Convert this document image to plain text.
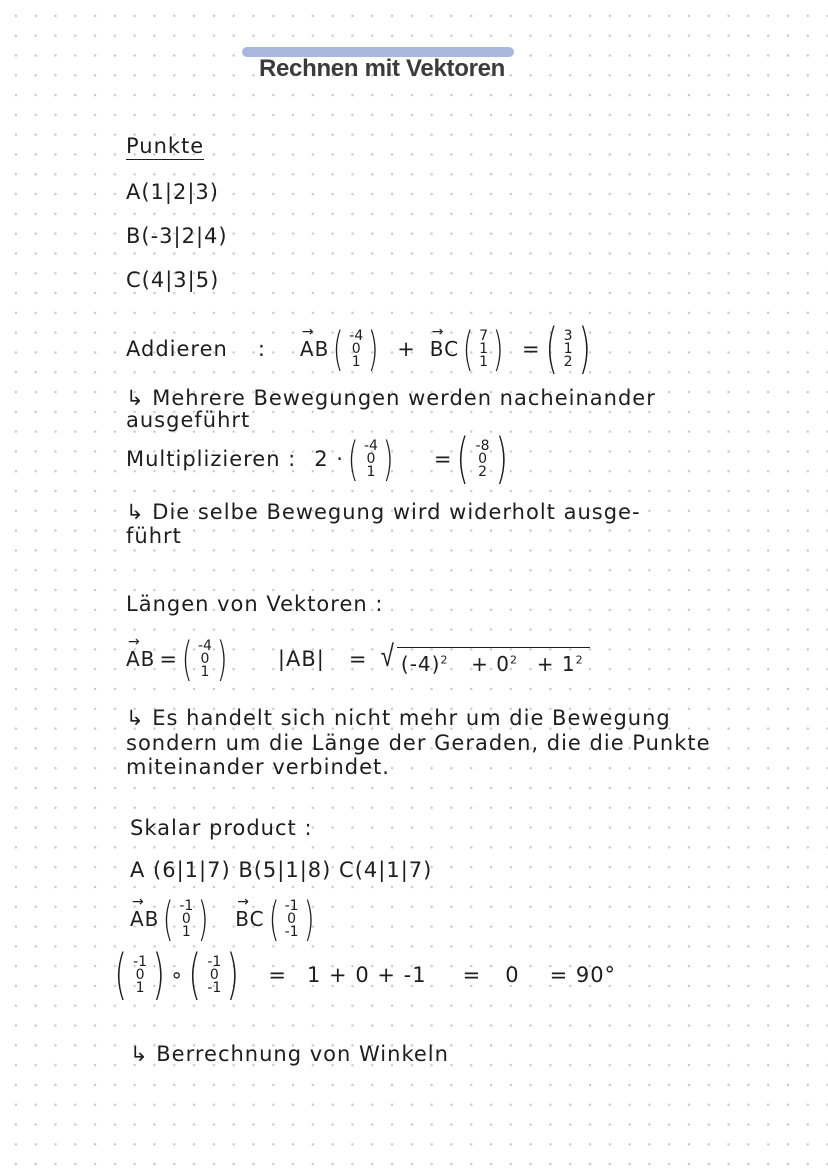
Rechnen mit Vektoren
Punkte
A(1|2|3)
B(-3|2|4)
C(4|3|5)
Addieren :
→
AB ( -4
0
1 ) +
→
BC ( 7
1
1 ) = ( 3
1
2 )
↳ Mehrere Bewegungen werden nacheinander
ausgeführt
Multiplizieren : 2 · ( -4
0
1 ) = ( -8
0
2 )
↳ Die selbe Bewegung wird widerholt ausge-
führt
Längen von Vektoren :
→
AB = ( -4
0
1 ) |AB| = √ $(-4)^2 + 0^2 + 1^2$
↳ Es handelt sich nicht mehr um die Bewegung
sondern um die Länge der Geraden, die die Punkte
miteinander verbindet.
Skalar product :
A (6|1|7) B(5|1|8) C(4|1|7)
→
AB ( -1
0
1 ) →
BC ( -1
0
-1 )
( -1
0
1 ) ∘ ( -1
0
-1 ) = 1 + 0 + -1 = 0 = 90°
↳ Berrechnung von Winkeln
